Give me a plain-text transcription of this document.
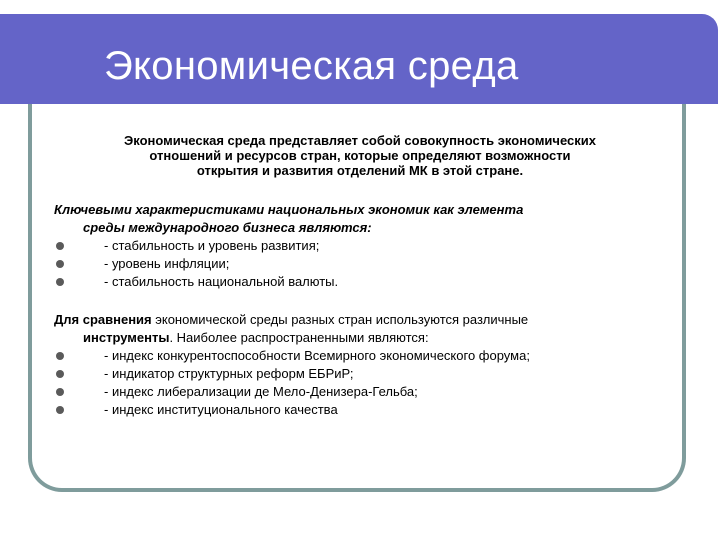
Экономическая среда
Экономическая среда представляет собой совокупность экономических
отношений и ресурсов стран, которые определяют возможности
открытия и развития отделений МК в этой стране.
Ключевыми характеристиками национальных экономик как элемента
среды международного бизнеса являются:
- стабильность и уровень развития;
- уровень инфляции;
- стабильность национальной валюты.
Для сравнения экономической среды разных стран используются различные
инструменты. Наиболее распространенными являются:
- индекс конкурентоспособности Всемирного экономического форума;
- индикатор структурных реформ ЕБРиР;
- индекс либерализации де Мело-Денизера-Гельба;
- индекс институционального качества
